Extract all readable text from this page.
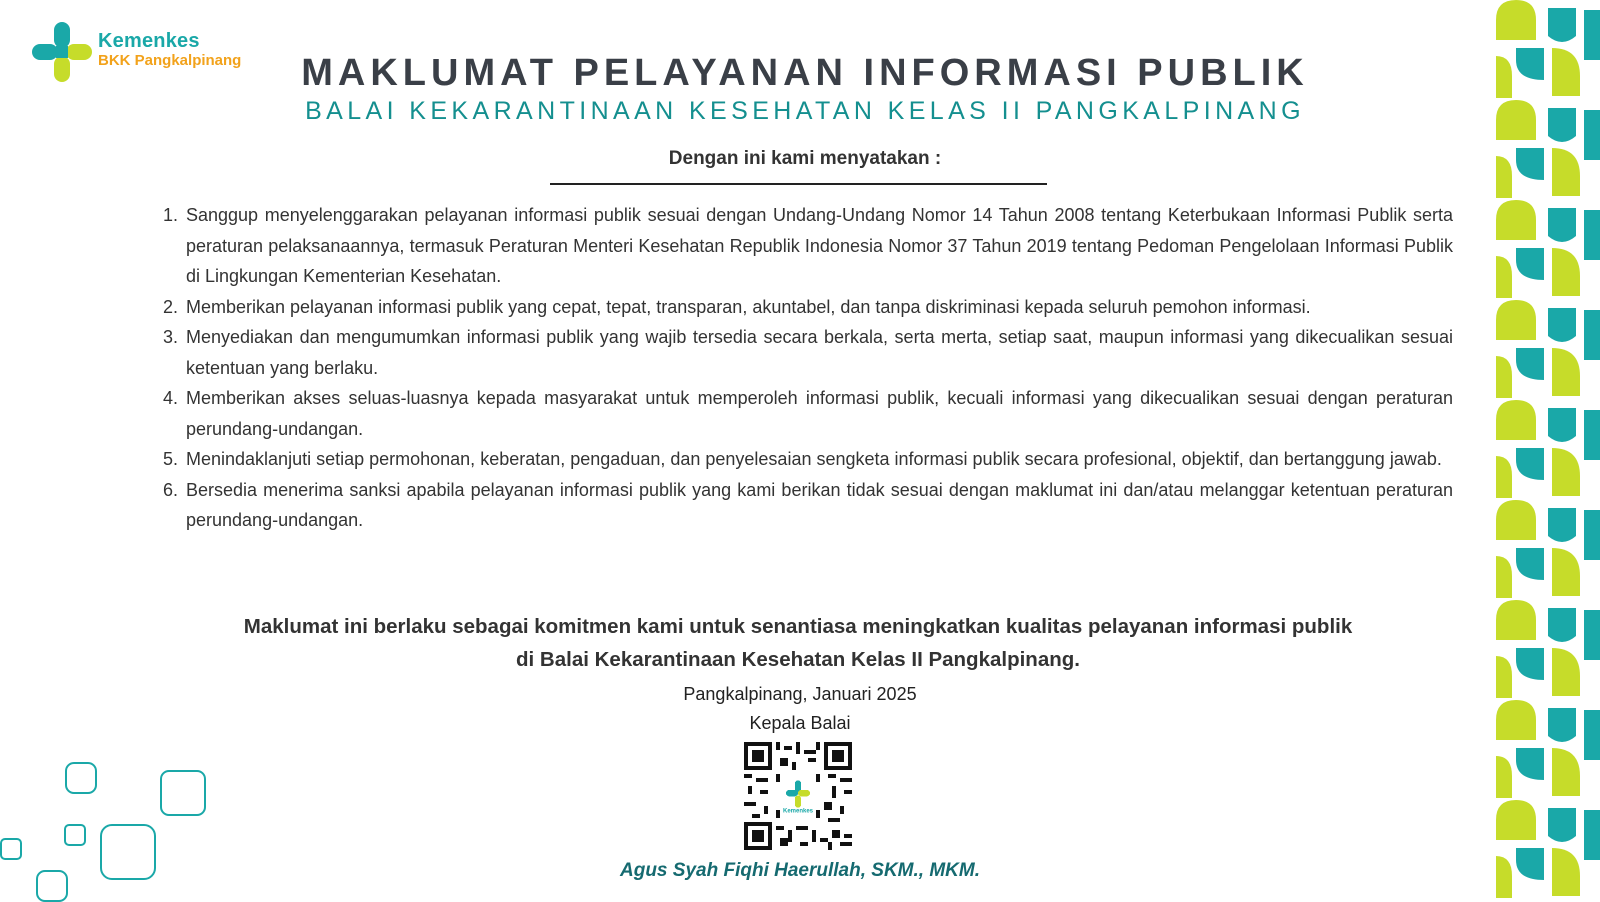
Kemenkes
BKK Pangkalpinang	MAKLUMAT PELAYANAN INFORMASI PUBLIK
BALAI KEKARANTINAAN KESEHATAN KELAS II PANGKALPINANG
Dengan ini kami menyatakan :
1. Sanggup menyelenggarakan pelayanan informasi publik sesuai dengan Undang-Undang Nomor 14 Tahun 2008 tentang Keterbukaan Informasi Publik serta peraturan pelaksanaannya, termasuk Peraturan Menteri Kesehatan Republik Indonesia Nomor 37 Tahun 2019 tentang Pedoman Pengelolaan Informasi Publik di Lingkungan Kementerian Kesehatan.
2. Memberikan pelayanan informasi publik yang cepat, tepat, transparan, akuntabel, dan tanpa diskriminasi kepada seluruh pemohon informasi.
3. Menyediakan dan mengumumkan informasi publik yang wajib tersedia secara berkala, serta merta, setiap saat, maupun informasi yang dikecualikan sesuai ketentuan yang berlaku.
4. Memberikan akses seluas-luasnya kepada masyarakat untuk memperoleh informasi publik, kecuali informasi yang dikecualikan sesuai dengan peraturan perundang-undangan.
5. Menindaklanjuti setiap permohonan, keberatan, pengaduan, dan penyelesaian sengketa informasi publik secara profesional, objektif, dan bertanggung jawab.
6. Bersedia menerima sanksi apabila pelayanan informasi publik yang kami berikan tidak sesuai dengan maklumat ini dan/atau melanggar ketentuan peraturan perundang-undangan.
Maklumat ini berlaku sebagai komitmen kami untuk senantiasa meningkatkan kualitas pelayanan informasi publik
di Balai Kekarantinaan Kesehatan Kelas II Pangkalpinang.
Pangkalpinang, Januari 2025
Kepala Balai
Kemenkes
Agus Syah Fiqhi Haerullah, SKM., MKM.
